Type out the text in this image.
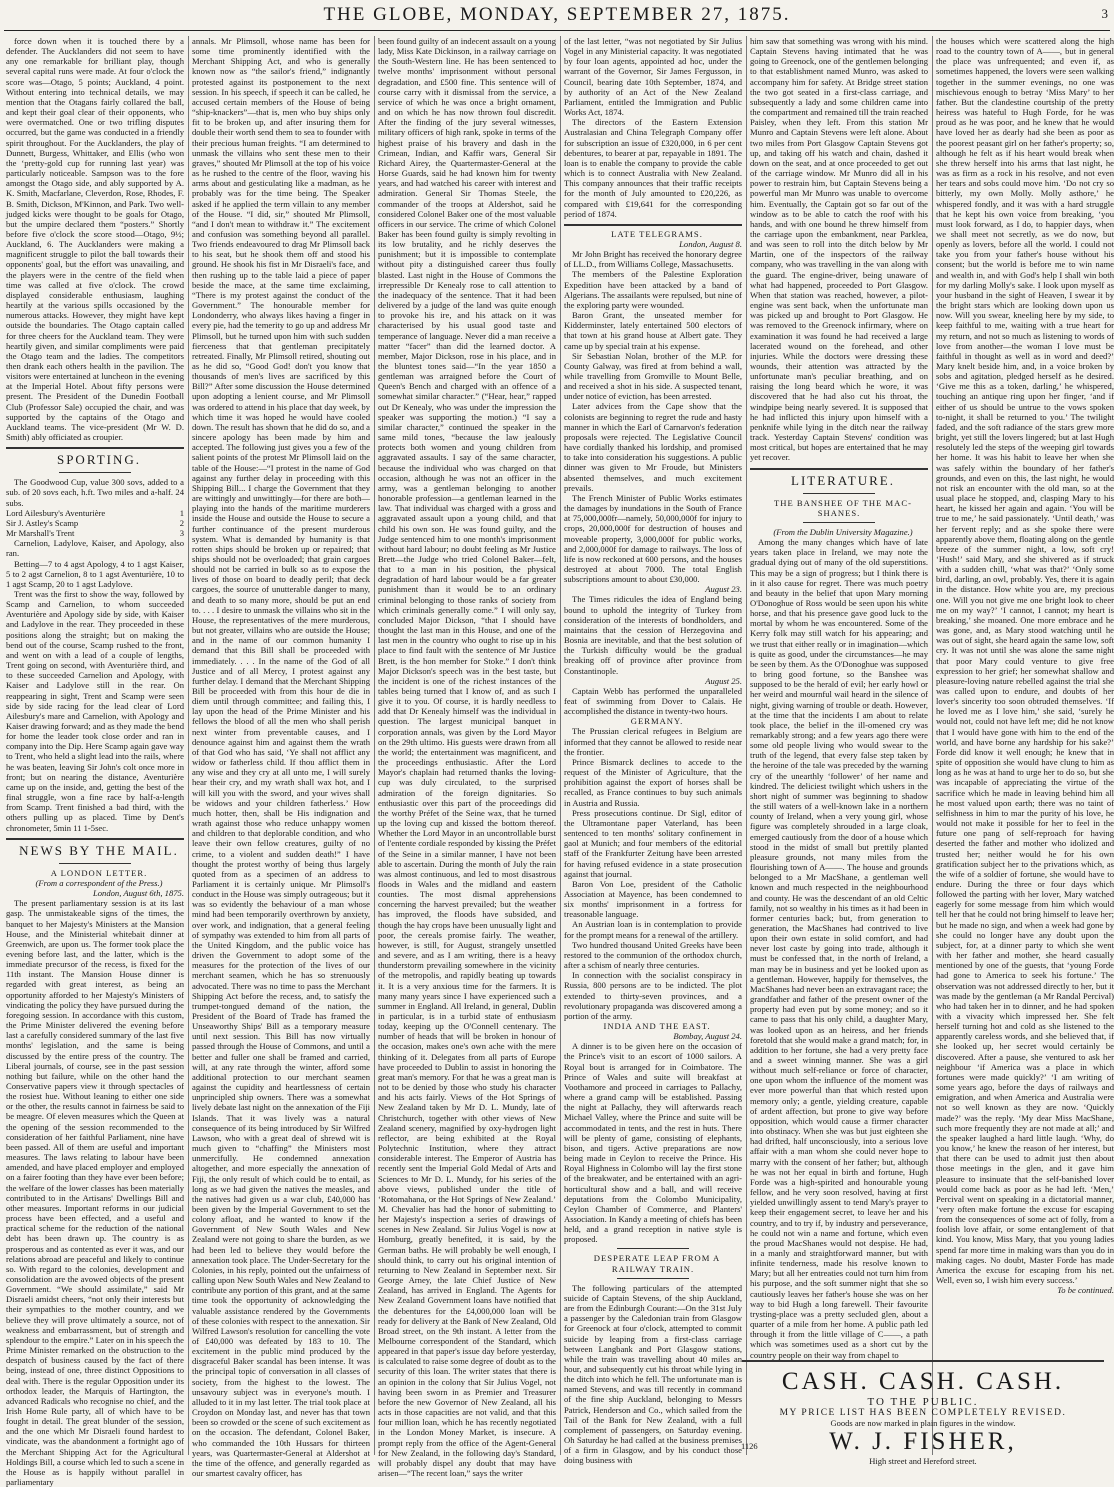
THE GLOBE, MONDAY, SEPTEMBER 27, 1875.	3

force down when it is touched there by a defender. The Aucklanders did not seem to have any one remarkable for brilliant play, though several capital runs were made. At four o'clock the score was—Otago, 5 points; Auckland, 4 point. Without entering into technical details, we may mention that the Otagans fairly collared the ball, and kept their goal clear of their opponents, who were overmatched. One or two trifling disputes occurred, but the game was conducted in a friendly spirit throughout. For the Aucklanders, the play of Dunnett, Burgess, Whittaker, and Ellis (who won the ‘pretty-gold cup for running last year) was particularly noticeable. Sampson was to the fore amongst the Otago side, and ably supported by A. K. Smith, Macfarlane, Cleverdon, Rose, Rhodes, F. B. Smith, Dickson, M'Kinnon, and Park. Two well-judged kicks were thought to be goals for Otago, but the umpire declared them “posters.” Shortly before five o'clock the score stood—Otago, 9½; Auckland, 6. The Aucklanders were making a magnificent struggle to pilot the ball towards their opponents' goal, but the effort was unavailing, and the players were in the centre of the field when time was called at five o'clock. The crowd displayed considerable enthusiasm, laughing heartily at the various spills occasioned by the numerous attacks. However, they might have kept outside the boundaries. The Otago captain called for three cheers for the Auckland team. They were heartily given, and similar compliments were paid the Otago team and the ladies. The competitors then drank each others health in the pavilion. The visitors were entertained at luncheon in the evening at the Imperial Hotel. About fifty persons were present. The President of the Dunedin Football Club (Professor Sale) occupied the chair, and was supported by the captains of the Otago and Auckland teams. The vice-president (Mr W. D. Smith) ably officiated as croupier.

SPORTING.

The Goodwood Cup, value 300 sovs, added to a sub. of 20 sovs each, h.ft. Two miles and a-half. 24 subs.

Lord Ailesbury's Aventurière	1
Sir J. Astley's Scamp	2
Mr Marshall's Trent	3

Carnelion, Ladylove, Kaiser, and Apology, also ran.

Betting—7 to 4 agst Apology, 4 to 1 agst Kaiser, 5 to 2 agst Carnelion, 8 to 1 agst Aventurière, 10 to 1 agst Scamp, 20 to 1 agst Ladylove.

Trent was the first to show the way, followed by Scamp and Carnelion, to whom succeeded Aventurière and Apology side by side, with Kaiser and Ladylove in the rear. They proceeded in these positions along the straight; but on making the bend out of the course, Scamp rushed to the front, and went on with a lead of a couple of lengths, Trent going on second, with Aventurière third, and to these succeeded Carnelion and Apology, with Kaiser and Ladylove still in the rear. On reappearing in sight, Trent and Scamp were seen side by side racing for the lead clear of Lord Ailesbury's mare and Carnelion, with Apology and Kaiser drawing forward; and as they made the bend for home the leader took close order and ran in company into the Dip. Here Scamp again gave way to Trent, who held a slight lead into the rails, where he was beaten, leaving Sir John's colt once more in front; but on nearing the distance, Aventurière came up on the inside, and, getting the best of the final struggle, won a fine race by half-a-length from Scamp. Trent finished a bad third, with the others pulling up as placed. Time by Dent's chronometer, 5min 11 1-5sec.

NEWS BY THE MAIL.

A LONDON LETTER.

(From a correspondent of the Press.)

London, August 6th, 1875.

The present parliamentary session is at its last gasp. The unmistakeable signs of the times, the banquet to her Majesty's Ministers at the Mansion House, and the Ministerial whitebait dinner at Greenwich, are upon us. The former took place the evening before last, and the latter, which is the immediate precursor of the recess, is fixed for the 11th instant. The Mansion House dinner is regarded with great interest, as being an opportunity afforded to her Majesty's Ministers of vindicating the policy they have pursued during the foregoing session. In accordance with this custom, the Prime Minister delivered the evening before last a carefully considered summary of the last five months' legislation, and the same is being discussed by the entire press of the country. The Liberal journals, of course, see in the past session nothing but failure, while on the other hand the Conservative papers view it through spectacles of the rosiest hue. Without leaning to either one side or the other, the results cannot in fairness be said to be meagre. Of eleven measures which the Queen at the opening of the session recommended to the consideration of her faithful Parliament, nine have been passed. All of them are useful and important measures. The laws relating to labour have been amended, and have placed employer and employed on a fairer footing than they have ever been before; the welfare of the lower classes has been materially contributed to in the Artisans' Dwellings Bill and other measures. Important reforms in our judicial process have been effected, and a useful and practical scheme for the reduction of the national debt has been drawn up. The country is as prosperous and as contented as ever it was, and our relations abroad are peaceful and likely to continue so. With regard to the colonies, development and consolidation are the avowed objects of the present Government. “We should assimilate,” said Mr Disraeli amidst cheers, “not only their interests but their sympathies to the mother country, and we believe they will prove ultimately a source, not of weakness and embarrassment, but of strength and splendour to the empire.” Later on in his speech the Prime Minister remarked on the obstruction to the despatch of business caused by the fact of there being, instead of one, three distinct Oppositions to deal with. There is the regular Opposition under its orthodox leader, the Marquis of Hartington, the advanced Radicals who recognise no chief, and the Irish Home Rule party, all of which have to be fought in detail. The great blunder of the session, and the one which Mr Disraeli found hardest to vindicate, was the abandonment a fortnight ago of the Merchant Shipping Act for the Agricultural Holdings Bill, a course which led to such a scene in the House as is happily without parallel in parliamentary

annals. Mr Plimsoll, whose name has been for some time prominently identified with the Merchant Shipping Act, and who is generally known now as “the sailor's friend,” indignantly protested against its postponement to the next session. In his speech, if speech it can be called, he accused certain members of the House of being “ship-knackers”—that is, men who buy ships only fit to be broken up, and after insuring them for double their worth send them to sea to founder with their precious human freights. “I am determined to unmask the villains who sent these men to their graves,” shouted Mr Plimsoll at the top of his voice as he rushed to the centre of the floor, waving his arms about and gesticulating like a madman, as he probably was for the time being. The Speaker asked if he applied the term villain to any member of the House. “I did, sir,” shouted Mr Plimsoll, “and I don't mean to withdraw it.” The excitement and confusion was something beyond all parallel. Two friends endeavoured to drag Mr Plimsoll back to his seat, but he shook them off and stood his ground. He shook his fist in Mr Disraeli's face, and then rushing up to the table laid a piece of paper beside the mace, at the same time exclaiming, “There is my protest against the conduct of the Government.” The honourable member for Londonderry, who always likes having a finger in every pie, had the temerity to go up and address Mr Plimsoll, but he turned upon him with such sudden fierceness that that gentleman precipitately retreated. Finally, Mr Plimsoll retired, shouting out as he did so, “Good God! don't you know that thousands of men's lives are sacrificed by this Bill?” After some discussion the House determined upon adopting a lenient course, and Mr Plimsoll was ordered to attend in his place that day week, by which time it was hoped he would have cooled down. The result has shown that he did do so, and a sincere apology has been made by him and accepted. The following just gives you a few of the salient points of the protest Mr Plimsoll laid on the table of the House:—“I protest in the name of God against any further delay in proceeding with this Shipping Bill... I charge the Government that they are wittingly and unwittingly—for there are both—playing into the hands of the maritime murderers inside the House and outside the House to secure a further continuance of the present murderous system. What is demanded by humanity is that rotten ships should be broken up or repaired; that ships should not be overloaded; that grain cargoes should not be carried in bulk so as to expose the lives of those on board to deadly peril; that deck cargoes, the source of unutterable danger to many, and death to so many more, should be put an end to. . . . I desire to unmask the villains who sit in the House, the representatives of the mere murderous, but not greater, villains who are outside the House; and in the name of our common humanity I demand that this Bill shall be proceeded with immediately. . . . In the name of the God of all Justice and of all Mercy, I protest against any further delay. I demand that the Merchant Shipping Bill be proceeded with from this hour de die in diem until through committee; and failing this, I lay upon the head of the Prime Minister and his fellows the blood of all the men who shall perish next winter from preventable causes, and I denounce against him and against them the wrath of that God who has said, ‘Ye shall not afflict any widow or fatherless child. If thou afflict them in any wise and they cry at all unto me, I will surely hear their cry, and my wrath shall wax hot, and I will kill you with the sword, and your wives shall be widows and your children fatherless.’ How much hotter, then, shall be His indignation and wrath against those who reduce unhappy women and children to that deplorable condition, and who leave their own fellow creatures, guilty of no crime, to a violent and sudden death!” I have thought the protest worthy of being thus largely quoted from as a specimen of an address to Parliament it is certainly unique. Mr Plimsoll's conduct in the House was simply outrageous; but it was so evidently the behaviour of a man whose mind had been temporarily overthrown by anxiety, over work, and indignation, that a general feeling of sympathy was extended to him from all parts of the United Kingdom, and the public voice has driven the Government to adopt some of the measures for the protection of the lives of our merchant seamen, which he has so strenuously advocated. There was no time to pass the Merchant Shipping Act before the recess, and, to satisfy the trumpet-tongued demand of the nation, the President of the Board of Trade has framed the Unseaworthy Ships' Bill as a temporary measure until next session. This Bill has now virtually passed through the House of Commons, and until a better and fuller one shall be framed and carried, will, at any rate through the winter, afford some additional protection to our merchant seamen against the cupidity and heartlessness of certain unprincipled ship owners. There was a somewhat lively debate last night on the annexation of the Fiji Islands. That it was lively was a natural consequence of its being introduced by Sir Wilfred Lawson, who with a great deal of shrewd wit is much given to “chaffing” the Ministers most unmercifully. He condemned annexation altogether, and more especially the annexation of Fiji, the only result of which could be to entail, as long as we had given the natives the measles, and the natives had given us a war club, £40,000 has been given by the Imperial Government to set the colony afloat, and he wanted to know if the Government of New South Wales and New Zealand were not going to share the burden, as we had been led to believe they would before the annexation took place. The Under-Secretary for the Colonies, in his reply, pointed out the unfairness of calling upon New South Wales and New Zealand to contribute any portion of this grant, and at the same time took the opportunity of acknowledging the valuable assistance rendered by the Governments of these colonies with respect to the annexation. Sir Wilfred Lawson's resolution for cancelling the vote of £40,000 was defeated by 183 to 10. The excitement in the public mind produced by the disgraceful Baker scandal has been intense. It was the principal topic of conversation in all classes of society, from the highest to the lowest. The unsavoury subject was in everyone's mouth. I alluded to it in my last letter. The trial took place at Croydon on Monday last, and never has that town been so crowded or the scene of such excitement as on the occasion. The defendant, Colonel Baker, who commanded the 10th Hussars for thirteen years, was Quartermaster-General at Aldershot at the time of the offence, and generally regarded as our smartest cavalry officer, has

been found guilty of an indecent assault on a young lady, Miss Kate Dickinson, in a railway carriage on the South-Western line. He has been sentenced to twelve months' imprisonment without personal degradation, and £500 fine. This sentence will of course carry with it dismissal from the service, a service of which he was once a bright ornament, and on which he has now thrown foul discredit. After the finding of the jury several witnesses, military officers of high rank, spoke in terms of the highest praise of his bravery and dash in the Crimean, Indian, and Kaffir wars, General Sir Richard Airey, the Quartermaster-General at the Horse Guards, said he had known him for twenty years, and had watched his career with interest and admiration. General Sir Thomas Steele, the commander of the troops at Aldershot, said he considered Colonel Baker one of the most valuable officers in our service. The crime of which Colonel Baker has been found guilty is simply revolting in its low brutality, and he richly deserves the punishment; but it is impossible to contemplate without pity a distinguished career thus foully blasted. Last night in the House of Commons the irrepressible Dr Kenealy rose to call attention to the inadequacy of the sentence. That it had been delivered by a judge of the land was quite enough to provoke his ire, and his attack on it was characterised by his usual good taste and temperance of language. Never did a man receive a matter “facer” than did the learned doctor. A member, Major Dickson, rose in his place, and in the bluntest tones said—“In the year 1850 a gentleman was arraigned before the Court of Queen's Bench and charged with an offence of a somewhat similar character.” (“Hear, hear,” rapped out Dr Kenealy, who was under the impression the speaker was supporting the motion.) “I say a similar character,” continued the speaker in the same mild tones, “because the law jealously protects both women and young children from aggravated assaults. I say of the same character, because the individual who was charged on that occasion, although he was not an officer in the army, was a gentleman belonging to another honorable profession—a gentleman learned in the law. That individual was charged with a gross and aggravated assault upon a young child, and that child his own son. He was found guilty, and the Judge sentenced him to one month's imprisonment without hard labour; no doubt feeling as Mr Justice Brett—the Judge who tried Colonel Baker—felt, that to a man in his position, the physical degradation of hard labour would be a far greater punishment than it would be to an ordinary criminal belonging to those ranks of society from which criminals generally come.” I will only say, concluded Major Dickson, “that I should have thought the last man in this House, and one of the last men in the country who ought to rise up in his place to find fault with the sentence of Mr Justice Brett, is the hon member for Stoke.” I don't think Major Dickson's speech was in the best taste, but the incident is one of the richest instances of the tables being turned that I know of, and as such I give it to you. Of course, it is hardly needless to add that Dr Kenealy himself was the individual in question. The largest municipal banquet in corporation annals, was given by the Lord Mayor on the 29th ultimo. His guests were drawn from all the world; the entertainment was magnificent, and the proceedings enthusiastic. After the Lord Mayor's chaplain had returned thanks the loving-cup was duly circulated, to the surprised admiration of the foreign dignitaries. So enthusiastic over this part of the proceedings did the worthy Préfet of the Seine wax, that he turned up the loving cup and kissed the bottom thereof. Whether the Lord Mayor in an uncontrollable burst of l'entente cordiale responded by kissing the Préfet of the Seine in a similar manner, I have not been able to ascertain. During the month of July the rain was almost continuous, and led to most disastrous floods in Wales and the midland and eastern counties. The most dismal apprehensions concerning the harvest prevailed; but the weather has improved, the floods have subsided, and though the hay crops have been unusually light and poor, the cereals promise fairly. The weather, however, is still, for August, strangely unsettled and severe, and as I am writing, there is a heavy thunderstorm prevailing somewhere in the vicinity of the metropolis, and rapidly beating up towards it. It is a very anxious time for the farmers. It is many many years since I have experienced such a summer in England. All Ireland, in general, Dublin in particular, is in a turbid state of enthusiasm today, keeping up the O'Connell centenary. The number of heads that will be broken in honour of the occasion, makes one's own ache with the mere thinking of it. Delegates from all parts of Europe have proceeded to Dublin to assist in honoring the great man's memory. For that he was a great man is not to be denied by those who study his character and his acts fairly. Views of the Hot Springs of New Zealand taken by Mr D. L. Mundy, late of Christchurch, together with other views of New Zealand scenery, magnified by oxy-hydrogen light reflector, are being exhibited at the Royal Polytechnic Institution, where they attract considerable interest. The Emperor of Austria has recently sent the Imperial Gold Medal of Arts and Sciences to Mr D. L. Mundy, for his series of the above views, published under the title of ‘Rotomahana, or the Hot Springs of New Zealand.’ M. Chevalier has had the honor of submitting to her Majesty's inspection a series of drawings of scenes in New Zealand. Sir Julius Vogel is now at Homburg, greatly benefited, it is said, by the German baths. He will probably be well enough, I should think, to carry out his original intention of returning to New Zealand in September next. Sir George Arney, the late Chief Justice of New Zealand, has arrived in England. The Agents for New Zealand Government loans have notified that the debentures for the £4,000,000 loan will be ready for delivery at the Bank of New Zealand, Old Broad street, on the 9th instant. A letter from the Melbourne correspondent of the Standard, which appeared in that paper's issue day before yesterday, is calculated to raise some degree of doubt as to the security of this loan. The writer states that there is an opinion in the colony that Sir Julius Vogel, not having been sworn in as Premier and Treasurer before the new Governor of New Zealand, all his acts in those capacities are not valid, and that this four million loan, which he has recently negotiated in the London Money Market, is insecure. A prompt reply from the office of the Agent-General for New Zealand, in the following day's Standard, will probably dispel any doubt that may have arisen—“The recent loan,” says the writer

of the last letter, “was not negotiated by Sir Julius Vogel in any Ministerial capacity. It was negotiated by four loan agents, appointed ad hoc, under the warrant of the Governor, Sir James Fergusson, in Council, bearing date 10th September, 1874, and by authority of an Act of the New Zealand Parliament, entitled the Immigration and Public Works Act, 1874.

The directors of the Eastern Extension Australasian and China Telegraph Company offer for subscription an issue of £320,000, in 6 per cent debentures, to bearer at par, repayable in 1891. The loan is to enable the company to provide the cable which is to connect Australia with New Zealand. This company announces that their traffic receipts for the month of July amounted to £20,226, as compared with £19,641 for the corresponding period of 1874.

LATE TELEGRAMS.

London, August 8.

Mr John Bright has received the honorary degree of LL.D., from Williams College, Massachusetts.

The members of the Palestine Exploration Expedition have been attacked by a band of Algerians. The assailants were repulsed, but nine of the exploring party were wounded.

Baron Grant, the unseated member for Kidderminster, lately entertained 500 electors of that town at his grand house at Albert gate. They came up by special train at his expense.

Sir Sebastian Nolan, brother of the M.P. for County Galway, was fired at from behind a wall, while travelling from Gromville to Mount Belle, and received a shot in his side. A suspected tenant, under notice of eviction, has been arrested.

Later advices from the Cape show that the colonists are beginning to regret the rude and hasty manner in which the Earl of Carnarvon's federation proposals were rejected. The Legislative Council have cordially thanked his lordship, and promised to take into consideration his suggestions. A public dinner was given to Mr Froude, but Ministers absented themselves, and much excitement prevails.

The French Minister of Public Works estimates the damages by inundations in the South of France at 75,000,000fr—namely, 50,000,000f for injury to crops, 20,000,000f for destruction of houses and moveable property, 3,000,000f for public works, and 2,000,000f for damage to railways. The loss of life is now reckoned at 600 persons, and the houses destroyed at about 7000. The total English subscriptions amount to about £30,000.

August 23.

The Times ridicules the idea of England being bound to uphold the integrity of Turkey from consideration of the interests of bondholders, and maintains that the cession of Herzegovina and Bosnia are inevitable, and that the best solution of the Turkish difficulty would be the gradual breaking off of province after province from Constantinople.

August 25.

Captain Webb has performed the unparalleled feat of swimming from Dover to Calais. He accomplished the distance in twenty-two hours.

GERMANY.

The Prussian clerical refugees in Belgium are informed that they cannot be allowed to reside near the frontier.

Prince Bismarck declines to accede to the request of the Minister of Agriculture, that the prohibition against the export of horses shall be recalled, as France continues to buy such animals in Austria and Russia.

Press prosecutions continue. Dr Sigl, editor of the Ultramontane paper Vaterland, has been sentenced to ten months' solitary confinement in gaol at Munich; and four members of the editorial staff of the Frankfurter Zeitung have been arrested for having refused evidence in a state prosecution against that journal.

Baron Von Loe, president of the Catholic Association at Mayence, has been condemned to six months' imprisonment in a fortress for treasonable language.

An Austrian loan is in contemplation to provide for the prompt means for a renewal of the artillery.

Two hundred thousand United Greeks have been restored to the communion of the orthodox church, after a schism of nearly three centuries.

In connection with the socialist conspiracy in Russia, 800 persons are to be indicted. The plot extended to thirty-seven provinces, and a revolutionary propaganda was discovered among a portion of the army.

INDIA AND THE EAST.

Bombay, August 24.

A dinner is to be given here on the occasion of the Prince's visit to an escort of 1000 sailors. A Royal bout is arranged for in Coimbatore. The Prince of Wales and suite will breakfast at Voothamore and proceed in carriages to Pallachy, where a grand camp will be established. Passing the night at Pallachy, they will afterwards reach Michael Valley, where the Prince and suite will be accommodated in tents, and the rest in huts. There will be plenty of game, consisting of elephants, bison, and tigers. Active preparations are now being made in Ceylon to receive the Prince. His Royal Highness in Colombo will lay the first stone of the breakwater, and be entertained with an agri-horticultural show and a ball, and will receive deputations from the Colombo Municipality, Ceylon Chamber of Commerce, and Planters' Association. In Kandy a meeting of chiefs has been held, and a grand reception in native style is proposed.

DESPERATE LEAP FROM A RAILWAY TRAIN.

The following particulars of the attempted suicide of Captain Stevens, of the ship Auckland, are from the Edinburgh Courant:—On the 31st July a passenger by the Caledonian train from Glasgow for Greenock at four o'clock, attempted to commit suicide by leaping from a first-class carriage between Langbank and Port Glasgow stations, while the train was travelling about 40 miles an hour, and subsequently cut his throat while lying in the ditch into which he fell. The unfortunate man is named Stevens, and was till recently in command of the fine ship Auckland, belonging to Messrs Patrick, Henderson and Co., which sailed from the Tail of the Bank for New Zealand, with a full complement of passengers, on Saturday evening. Oh Saturday he had called at the business premises of a firm in Glasgow, and by his conduct those doing business with

him saw that something was wrong with his mind. Captain Stevens having intimated that he was going to Greenock, one of the gentlemen belonging to that establishment named Munro, was asked to accompany him for safety. At Bridge street station the two got seated in a first-class carriage, and subsequently a lady and some children came into the compartment and remained till the train reached Paisley, when they left. From this station Mr Munro and Captain Stevens were left alone. About two miles from Port Glasgow Captain Stevens got up, and taking off his watch and chain, dashed it down on the seat, and at once proceeded to get out of the carriage window. Mr Munro did all in his power to restrain him, but Captain Stevens being a powerful man Mr Munro was unable to overcome him. Eventually, the Captain got so far out of the window as to be able to catch the roof with his hands, and with one bound he threw himself from the carriage upon the embankment, near Parklea, and was seen to roll into the ditch below by Mr Martin, one of the inspectors of the railway company, who was travelling in the van along with the guard. The engine-driver, being unaware of what had happened, proceeded to Port Glasgow. When that station was reached, however, a pilot-engine was sent back, when the unfortunate man was picked up and brought to Port Glasgow. He was removed to the Greenock infirmary, where on examination it was found he had received a large lacerated wound on the forehead, and other injuries. While the doctors were dressing these wounds, their attention was attracted by the unfortunate man's peculiar breathing, and on raising the long beard which he wore, it was discovered that he had also cut his throat, the windpipe being nearly severed. It is supposed that he had inflicted this injury upon himself with a penknife while lying in the ditch near the railway track. Yesterday Captain Stevens' condition was most critical, but hopes are entertained that he may yet recover.

LITERATURE.

THE BANSHEE OF THE MAC-SHANES.

(From the Dublin University Magazine.)

Among the many changes which have of late years taken place in Ireland, we may note the gradual dying out of many of the old superstitions. This may be a sign of progress; but I think there is in it also cause for regret. There was much poetry and beauty in the belief that upon Mary morning O'Donoghue of Ross would be seen upon his white horse, and that his presence gave good luck to the mortal by whom he was encountered. Some of the Kerry folk may still watch for his appearing; and we trust that either really or in imagination—which is quite as good, under the circumstances—he may be seen by them. As the O'Donoghue was supposed to bring good fortune, so the Banshee was supposed to be the herald of evil; her early howl or her weird and mournful wail heard in the silence of night, giving warning of trouble or death. However, at the time that the incidents I am about to relate took place, the belief in the ill-omened cry was remarkably strong; and a few years ago there were some old people living who would swear to the truth of the legend, that every false step taken by the heroine of the tale was preceded by the warning cry of the unearthly ‘follower’ of her name and kindred. The deliciest twilight which ushers in the short night of summer was beginning to shadow the still waters of a well-known lake in a northern county of Ireland, when a very young girl, whose figure was completely shrouded in a large cloak, emerged cautiously from the door of a house which stood in the midst of small but prettily planted pleasure grounds, not many miles from the flourishing town of A——. The house and grounds belonged to a Mr MacShane, a gentleman well known and much respected in the neighbourhood and county. He was the descendant of an old Celtic family, not so wealthy in his times as it had been in former centuries back; but, from generation to generation, the MacShanes had contrived to live upon their own estate in solid comfort, and had never lost caste by going into trade, although it must be confessed that, in the north of Ireland, a man may be in business and yet be looked upon as a gentleman. However, happily for themselves, the MacShanes had never been an extravagant race; the grandfather and father of the present owner of the property had even put by some money; and so it came to pass that his only child, a daughter Mary, was looked upon as an heiress, and her friends foretold that she would make a grand match; for, in addition to her fortune, she had a very pretty face and a sweet winning manner. She was a girl without much self-reliance or force of character, one upon whom the influence of the moment was ever more powerful than that which rested upon memory only; a gentle, yielding creature, capable of ardent affection, but prone to give way before opposition, which would cause a firmer character into obstinacy. When she was but just eighteen she had drifted, half unconsciously, into a serious love affair with a man whom she could never hope to marry with the consent of her father; but, although he was not her equal in birth and fortune, Hugh Forde was a high-spirited and honourable young fellow, and he very soon resolved, having at first yielded unwillingly assent to tend Mary's prayer to keep their engagement secret, to leave her and his country, and to try if, by industry and perseverance, he could not win a name and fortune, which even the proud MacShanes would not despise. He had, in a manly and straightforward manner, but with infinite tenderness, made his resolve known to Mary; but all her entreaties could not turn him from his purpose, and the soft summer night that she so cautiously leaves her father's house she was on her way to bid Hugh a long farewell. Their favourite trysting-place was a pretty secluded glen, about a quarter of a mile from her home. A public path led through it from the little village of C——, a path which was sometimes used as a short cut by the country people on their way from chapel to

the houses which were scattered along the high road to the country town of A——, but in general the place was unfrequented; and even if, as sometimes happened, the lovers were seen walking together in the summer evenings, no one was mischievous enough to betray ‘Miss Mary’ to her father. But the clandestine courtship of the pretty heiress was hateful to Hugh Forde, for he was proud as he was poor, and he knew that he would have loved her as dearly had she been as poor as the poorest peasant girl on her father's property; so, although he felt as if his heart would break when she threw herself into his arms that last night, he was as firm as a rock in his resolve, and not even her tears and sobs could move him. ‘Do not cry so bitterly, my own Molly. Molly asthore,’ he whispered fondly, and it was with a hard struggle that he kept his own voice from breaking, ‘you must look forward, as I do, to happier days, when we shall meet not secretly, as we do now, but openly as lovers, before all the world. I could not take you from your father's house without his consent; but the world is before me to win name and wealth in, and with God's help I shall win both for my darling Molly's sake. I look upon myself as your husband in the sight of Heaven, I swear it by the bright stars which are looking down upon us now. Will you swear, kneeling here by my side, to keep faithful to me, waiting with a true heart for my return, and not so much as listening to words of love from another—the woman I love must be faithful in thought as well as in word and deed?’ Mary knelt beside him, and, in a voice broken by sobs and agitation, pledged herself as he desired. ‘Give me this as a token, darling,’ he whispered, touching an antique ring upon her finger, ‘and if either of us should be untrue to the vows spoken to-night, it shall be returned to you.’ The twilight faded, and the soft radiance of the stars grew more bright, yet still the lovers lingered; but at last Hugh resolutely led the steps of the weeping girl towards her home. It was his habit to leave her when she was safely within the boundary of her father's grounds, and even on this, the last night, he would not risk an encounter with the old man, so at the usual place he stopped, and, clasping Mary to his heart, he kissed her again and again. ‘You will be true to me,’ he said passionately. ‘Until death,’ was her fervent reply; and as she spoke there were apparently above them, floating along on the gentle breeze of the summer night, a low, soft cry! ‘Hush!’ said Mary, and she shivered as if struck with a sudden chill, ‘what was that?’ ‘Only some bird, darling, an owl, probably. Yes, there it is again in the distance. How white you are, my precious one. Will you not give me one bright look to cheer me on my way?’ ‘I cannot, I cannot; my heart is breaking,’ she moaned. One more embrace and he was gone, and, as Mary stood watching until he was out of sight, she heard again the same low, soft cry. It was not until she was alone the same night that poor Mary could venture to give free expression to her grief; her somewhat shallow and pleasure-loving nature rebelled against the trial she was called upon to endure, and doubts of her lover's sincerity too soon obtruded themselves. ‘If he loved me as I love him,’ she said, ‘surely he would not, could not have left me; did he not know that I would have gone with him to the end of the world, and have borne any hardship for his sake?’ Forde did know it well enough; he knew that in spite of opposition she would have clung to him as long as he was at hand to urge her to do so, but she was incapable of appreciating the virtue of the sacrifice which he made in leaving behind him all he most valued upon earth; there was no taint of selfishness in him to mar the purity of his love, he would not make it possible for her to feel in the future one pang of self-reproach for having deserted the father and mother who idolized and trusted her; neither would he for his own gratification subject her to the privations which, as the wife of a soldier of fortune, she would have to endure. During the three or four days which followed the parting with her lover, Mary watched eagerly for some message from him which would tell her that he could not bring himself to leave her; but he made no sign, and when a week had gone by she could no longer have any doubt upon the subject, for, at a dinner party to which she went with her father and mother, she heard casually mentioned by one of the guests, that ‘young Forde had gone to America to seek his fortune.’ The observation was not addressed directly to her, but it was made by the gentleman (a Mr Randal Percival) who had taken her in to dinner, and he had spoken with a vivacity which impressed her. She felt herself turning hot and cold as she listened to the apparently careless words, and she believed that, if she looked up, her secret would certainly be discovered. After a pause, she ventured to ask her neighbour ‘if America was a place in which fortunes were made quickly?’ ‘I am writing of some years ago, before the days of railways and emigration, and when America and Australia were not so well known as they are now. ‘Quickly made?’ was the reply. ‘My dear Miss MacShane, such more frequently they are not made at all;’ and the speaker laughed a hard little laugh. ‘Why, do you know,’ he knew the reason of her interest, but that there can be used to admit just then about those meetings in the glen, and it gave him pleasure to insinuate that the self-banished lover would come back as poor as he had left. ‘Men,’ Percival went on speaking in a dictatorial manner, ‘very often make fortune the excuse for escaping from the consequences of some act of folly, from a foolish love affair, or some entanglement of that kind. You know, Miss Mary, that you young ladies spend far more time in making wars than you do in making cages. No doubt, Master Forde has made America the excuse for escaping from his net. Well, even so, I wish him every success.’

To be continued.

CASH. CASH. CASH.
TO THE PUBLIC.
MY PRICE LIST HAS BEEN COMPLETELY REVISED.
Goods are now marked in plain figures in the window.
W. J. FISHER,
High street and Hereford street.
1126
